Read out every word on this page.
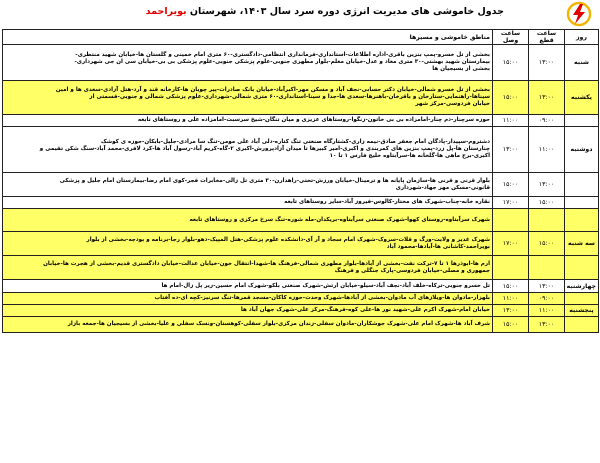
جدول خاموشی های مدیریت انرژی دوره سرد سال ۱۴۰۳، شهرستان بویراحمد
روز	ساعت قطع	ساعت وصل	مناطق خاموشی و مسیرها
شنبه	۱۳:۰۰	۱۵:۰۰	بخشی از تل خسرو-پمپ بنزین باقری-اداره اطلاعات-استانداری-فرمانداری انتظامی-دادگستری-۶۰ متری امام خمینی و گلستان ها-خیابان شهید منتظری-
بیمارستان شهید بهشتی-۳۰ متری معاد و عدل-خیابان معلم-بلوار مطهری جنوبی-علوم پزشکی جنوبی-علوم پزشکی بی بی-خیابان سی ان جی شهرداری-
بخشی از بسیجیان ها

یکشنبه	۱۳:۰۰	۱۵:۰۰	بخشی از تل خسرو شمالی-خیابان دکتر حسابی-نجف آباد و مسکن مهر-اکبرآباد-خیابان بانک صادرات-پیر چوبان ها-کارخانه قند و آرد-هتل آزادی-سعدی ها و امین
سیناها-راهنمایی-ستارخان و باقرخان-باهنرها-سعدی ها-جدا و سینا-استانداری-۶۰ متری شمالی-شهرداری-علوم پزشکی شمالی و جنوبی-قسمتی از
خیابان فردوسی-مرکز شهر

	۰۹:۰۰	۱۱:۰۰	حوزه سرچنار-دم چنار-امامزاده بی بی خاتون-زنگوا-روستاهای عزیزی و میان تنگان-شیخ سرسبت-امامزاده علی و روستاهای تابعه

دوشنبه	۱۱:۰۰	۱۳:۰۰	دشتروم-سپیدار-پادگان امام جعفر صادق-نیمه زاری-کشتارگاه صنعتی تنگ کتاره-دلی آباد علی مومن-تنگ سا مرادی-جلیل-بابکان-حوزه ی کوشک
چنارستان ها-پل زرد-پمپ بنزین های کمربندی و اکبری-امیر کبیرها تا میدان آزادپرورش-اکبری ۲-گاه-کریم آباد-رسول آباد ها-کرد لافری-محمد آباد-سنگ شکن تقیمی و
اکبری-برج ماهی ها-گلخانه ها-سرآبتاوه خلیج فارس ۱ تا ۱۰

	۱۳:۰۰	۱۵:۰۰	بلوار قرنی و قرنی ها-سازمان پایانه ها و ترمینال-خیابان ورزش-تختی-راهدارن-۳۰ متری تل زالی-مخابرات فجر-کوی امام رضا-بیمارستان امام جلیل و پزشکی
قانونی-مسکن مهر جهاد-شهرداری

	۱۵:۰۰	۱۷:۰۰	نقاره خانه-چناب-شهرک های مختار-کالوس-فیروز آباد-سایر روستاهای تابعه

			شهرک سرآبتاوه-روستای کهوا-شهرک صنعتی سرآبتاوه-بریکدان-مله شوره-تنگ سرخ مرکزی و روستاهای تابعه

سه شنبه	۱۵:۰۰	۱۷:۰۰	شهرک غدیر و ولایت-ورگ و قلات-سروک-شهرک امام سجاد و آر آی-دانشکده علوم پزشکی-هتل المپیک-دهو-بلوار رجا-برنامه و بودجه-بخشی از بلوار
بویراحمد-کاشانی ها-آبادها-محمود آباد

			ارم ها-ابوذرها ۱ تا ۷-ترکت نفت-بخشی از آبادها-بلوار مطهری شمالی-فرهنگ ها-شهدا-انتقال خون-خیابان عدالت-خیابان دادگستری قدیم-بخشی از هجرت ها-خیابان
جمهوری و مصلی-خیابان فردوسی-پارک جنگلی و فرهنگ

چهارشنبه	۱۳:۰۰	۱۵:۰۰	تل خسرو جنوبی-ترکاه-خلف آباد-نجف آباد-سیلو-خیابان ارتش-شهرک صنعتی بلکو-شهرک امام حسین-زیر پل زال-امام ها

	۰۹:۰۰	۱۱:۰۰	بلهزار-مادوان ها-ویلازهای آب مادوان-بخشی از آبادها-شهرک وحدت-حوزه کاکان-مسجد قمرها-تنگ سرنیز-کچه ای-ده آفتاب

پنجشنبه	۱۱:۰۰	۱۳:۰۰	خیابان امام-شهرک اکرم علی-شهید نور ها-علی کوه-فرهنگ-مرکز علی-شهرک جهان آباد ها

	۱۳:۰۰	۱۵:۰۰	شرف آباد ها-شهرک امام علی-شهرک جوشکاران-مادوان سفلی-زندان مرکزی-بلوار سفلی-کوهستان-ونسک سفلی و علیا-بخشی از بسیجیان ها-جمعه بازار
